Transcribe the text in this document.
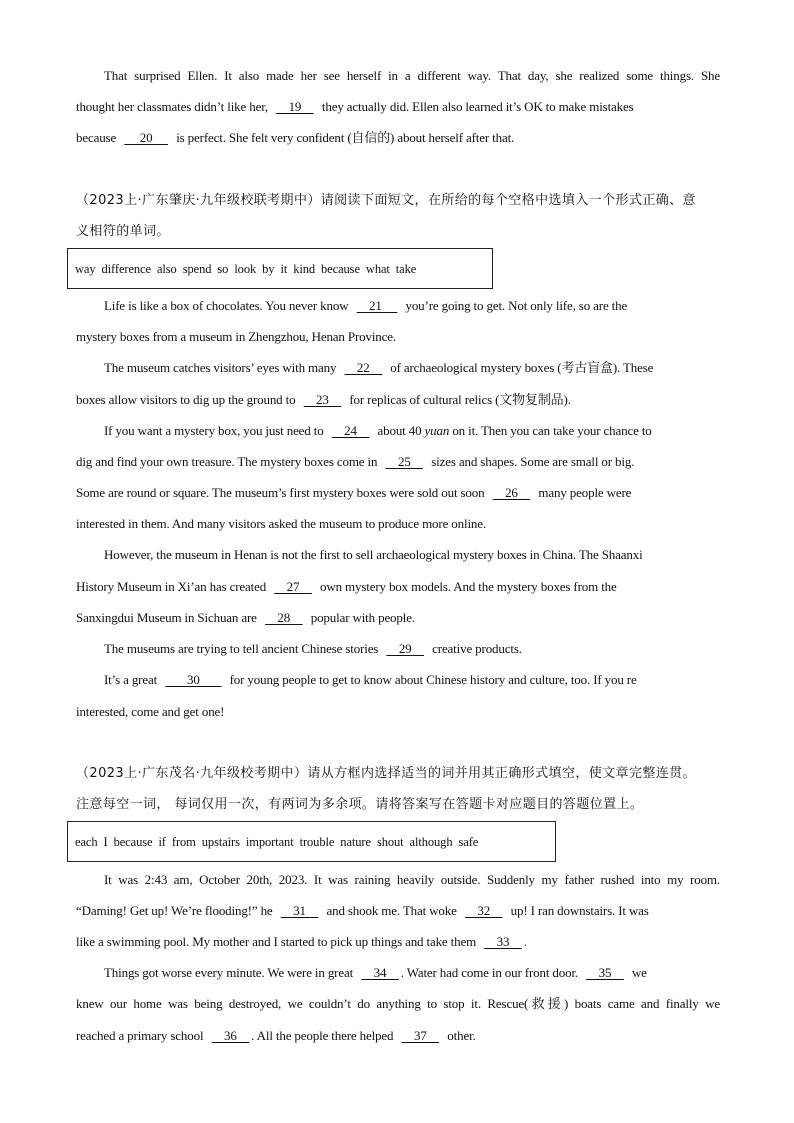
That surprised Ellen. It also made her see herself in a different way. That day, she realized some things. She
thought her classmates didn’t like her,      19      they actually did. Ellen also learned it’s OK to make mistakes
because       20       is perfect. She felt very confident (自信的) about herself after that.
（2023上·广东肇庆·九年级校联考期中）请阅读下面短文，在所给的每个空格中选填入一个形式正确、意
义相符的单词。
way difference also spend so look by it kind because what take
Life is like a box of chocolates. You never know      21       you’re going to get. Not only life, so are the
mystery boxes from a museum in Zhengzhou, Henan Province.
The museum catches visitors’ eyes with many      22      of archaeological mystery boxes (考古盲盒). These
boxes allow visitors to dig up the ground to      23      for replicas of cultural relics (文物复制品).
If you want a mystery box, you just need to      24      about 40 yuan on it. Then you can take your chance to
dig and find your own treasure. The mystery boxes come in      25      sizes and shapes. Some are small or big.
Some are round or square. The museum’s first mystery boxes were sold out soon      26      many people were
interested in them. And many visitors asked the museum to produce more online.
However, the museum in Henan is not the first to sell archaeological mystery boxes in China. The Shaanxi
History Museum in Xi’an has created      27      own mystery box models. And the mystery boxes from the
Sanxingdui Museum in Sichuan are      28      popular with people.
The museums are trying to tell ancient Chinese stories      29      creative products.
It’s a great         30         for young people to get to know about Chinese history and culture, too. If you re
interested, come and get one!
（2023上·广东茂名·九年级校考期中）请从方框内选择适当的词并用其正确形式填空，使文章完整连贯。
注意每空一词， 每词仅用一次，有两词为多余项。请将答案写在答题卡对应题目的答题位置上。
each I because if from upstairs important trouble nature shout although safe
It was 2:43 am, October 20th, 2023. It was raining heavily outside. Suddenly my father rushed into my room.
“Daming! Get up! We’re flooding!” he      31      and shook me. That woke      32      up! I ran downstairs. It was
like a swimming pool. My mother and I started to pick up things and take them      33    .
Things got worse every minute. We were in great      34    . Water had come in our front door.      35      we
knew our home was being destroyed, we couldn’t do anything to stop it. Rescue(救援) boats came and finally we
reached a primary school      36    . All the people there helped      37      other.
